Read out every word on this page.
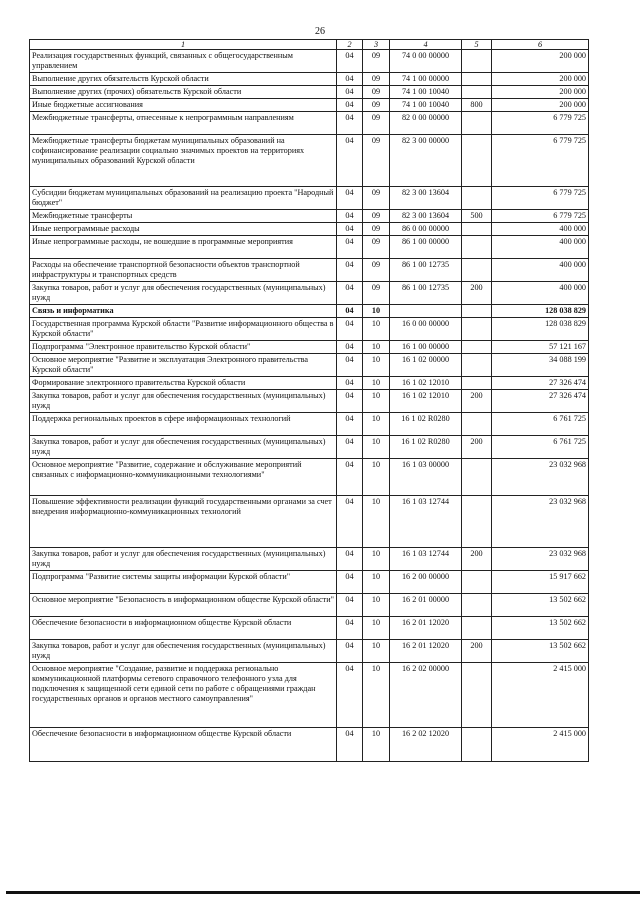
26
1	2	3	4	5	6
Реализация государственных функций, связанных с общегосударственным управлением	04	09	74 0 00 00000		200 000
Выполнение других обязательств Курской области	04	09	74 1 00 00000		200 000
Выполнение других (прочих) обязательств Курской области	04	09	74 1 00 10040		200 000
Иные бюджетные ассигнования	04	09	74 1 00 10040	800	200 000
Межбюджетные трансферты, отнесенные к непрограммным направлениям	04	09	82 0 00 00000		6 779 725
Межбюджетные трансферты бюджетам муниципальных образований на софинансирование реализации социально значимых проектов на территориях муниципальных образований Курской области	04	09	82 3 00 00000		6 779 725
Субсидии бюджетам муниципальных образований на реализацию проекта "Народный бюджет"	04	09	82 3 00 13604		6 779 725
Межбюджетные трансферты	04	09	82 3 00 13604	500	6 779 725
Иные непрограммные расходы	04	09	86 0 00 00000		400 000
Иные непрограммные расходы, не вошедшие в программные мероприятия	04	09	86 1 00 00000		400 000
Расходы на обеспечение транспортной безопасности объектов транспортной инфраструктуры и транспортных средств	04	09	86 1 00 12735		400 000
Закупка товаров, работ и услуг для обеспечения государственных (муниципальных) нужд	04	09	86 1 00 12735	200	400 000
Связь и информатика	04	10			128 038 829
Государственная программа Курской области "Развитие информационного общества в Курской области"	04	10	16 0 00 00000		128 038 829
Подпрограмма "Электронное правительство Курской области"	04	10	16 1 00 00000		57 121 167
Основное мероприятие "Развитие и эксплуатация Электронного правительства Курской области"	04	10	16 1 02 00000		34 088 199
Формирование электронного правительства Курской области	04	10	16 1 02 12010		27 326 474
Закупка товаров, работ и услуг для обеспечения государственных (муниципальных) нужд	04	10	16 1 02 12010	200	27 326 474
Поддержка региональных проектов в сфере информационных технологий	04	10	16 1 02 R0280		6 761 725
Закупка товаров, работ и услуг для обеспечения государственных (муниципальных) нужд	04	10	16 1 02 R0280	200	6 761 725
Основное мероприятие "Развитие, содержание и обслуживание мероприятий связанных с информационно-коммуникационными технологиями"	04	10	16 1 03 00000		23 032 968
Повышение эффективности реализации функций государственными органами за счет внедрения информационно-коммуникационных технологий	04	10	16 1 03 12744		23 032 968
Закупка товаров, работ и услуг для обеспечения государственных (муниципальных) нужд	04	10	16 1 03 12744	200	23 032 968
Подпрограмма "Развитие системы защиты информации Курской области"	04	10	16 2 00 00000		15 917 662
Основное мероприятие "Безопасность в информационном обществе Курской области"	04	10	16 2 01 00000		13 502 662
Обеспечение безопасности в информационном обществе Курской области	04	10	16 2 01 12020		13 502 662
Закупка товаров, работ и услуг для обеспечения государственных (муниципальных) нужд	04	10	16 2 01 12020	200	13 502 662
Основное мероприятие "Создание, развитие и поддержка регионально коммуникационной платформы сетевого справочного телефонного узла для подключения к защищенной сети единой сети по работе с обращениями граждан государственных органов и органов местного самоуправления"	04	10	16 2 02 00000		2 415 000
Обеспечение безопасности в информационном обществе Курской области	04	10	16 2 02 12020		2 415 000
